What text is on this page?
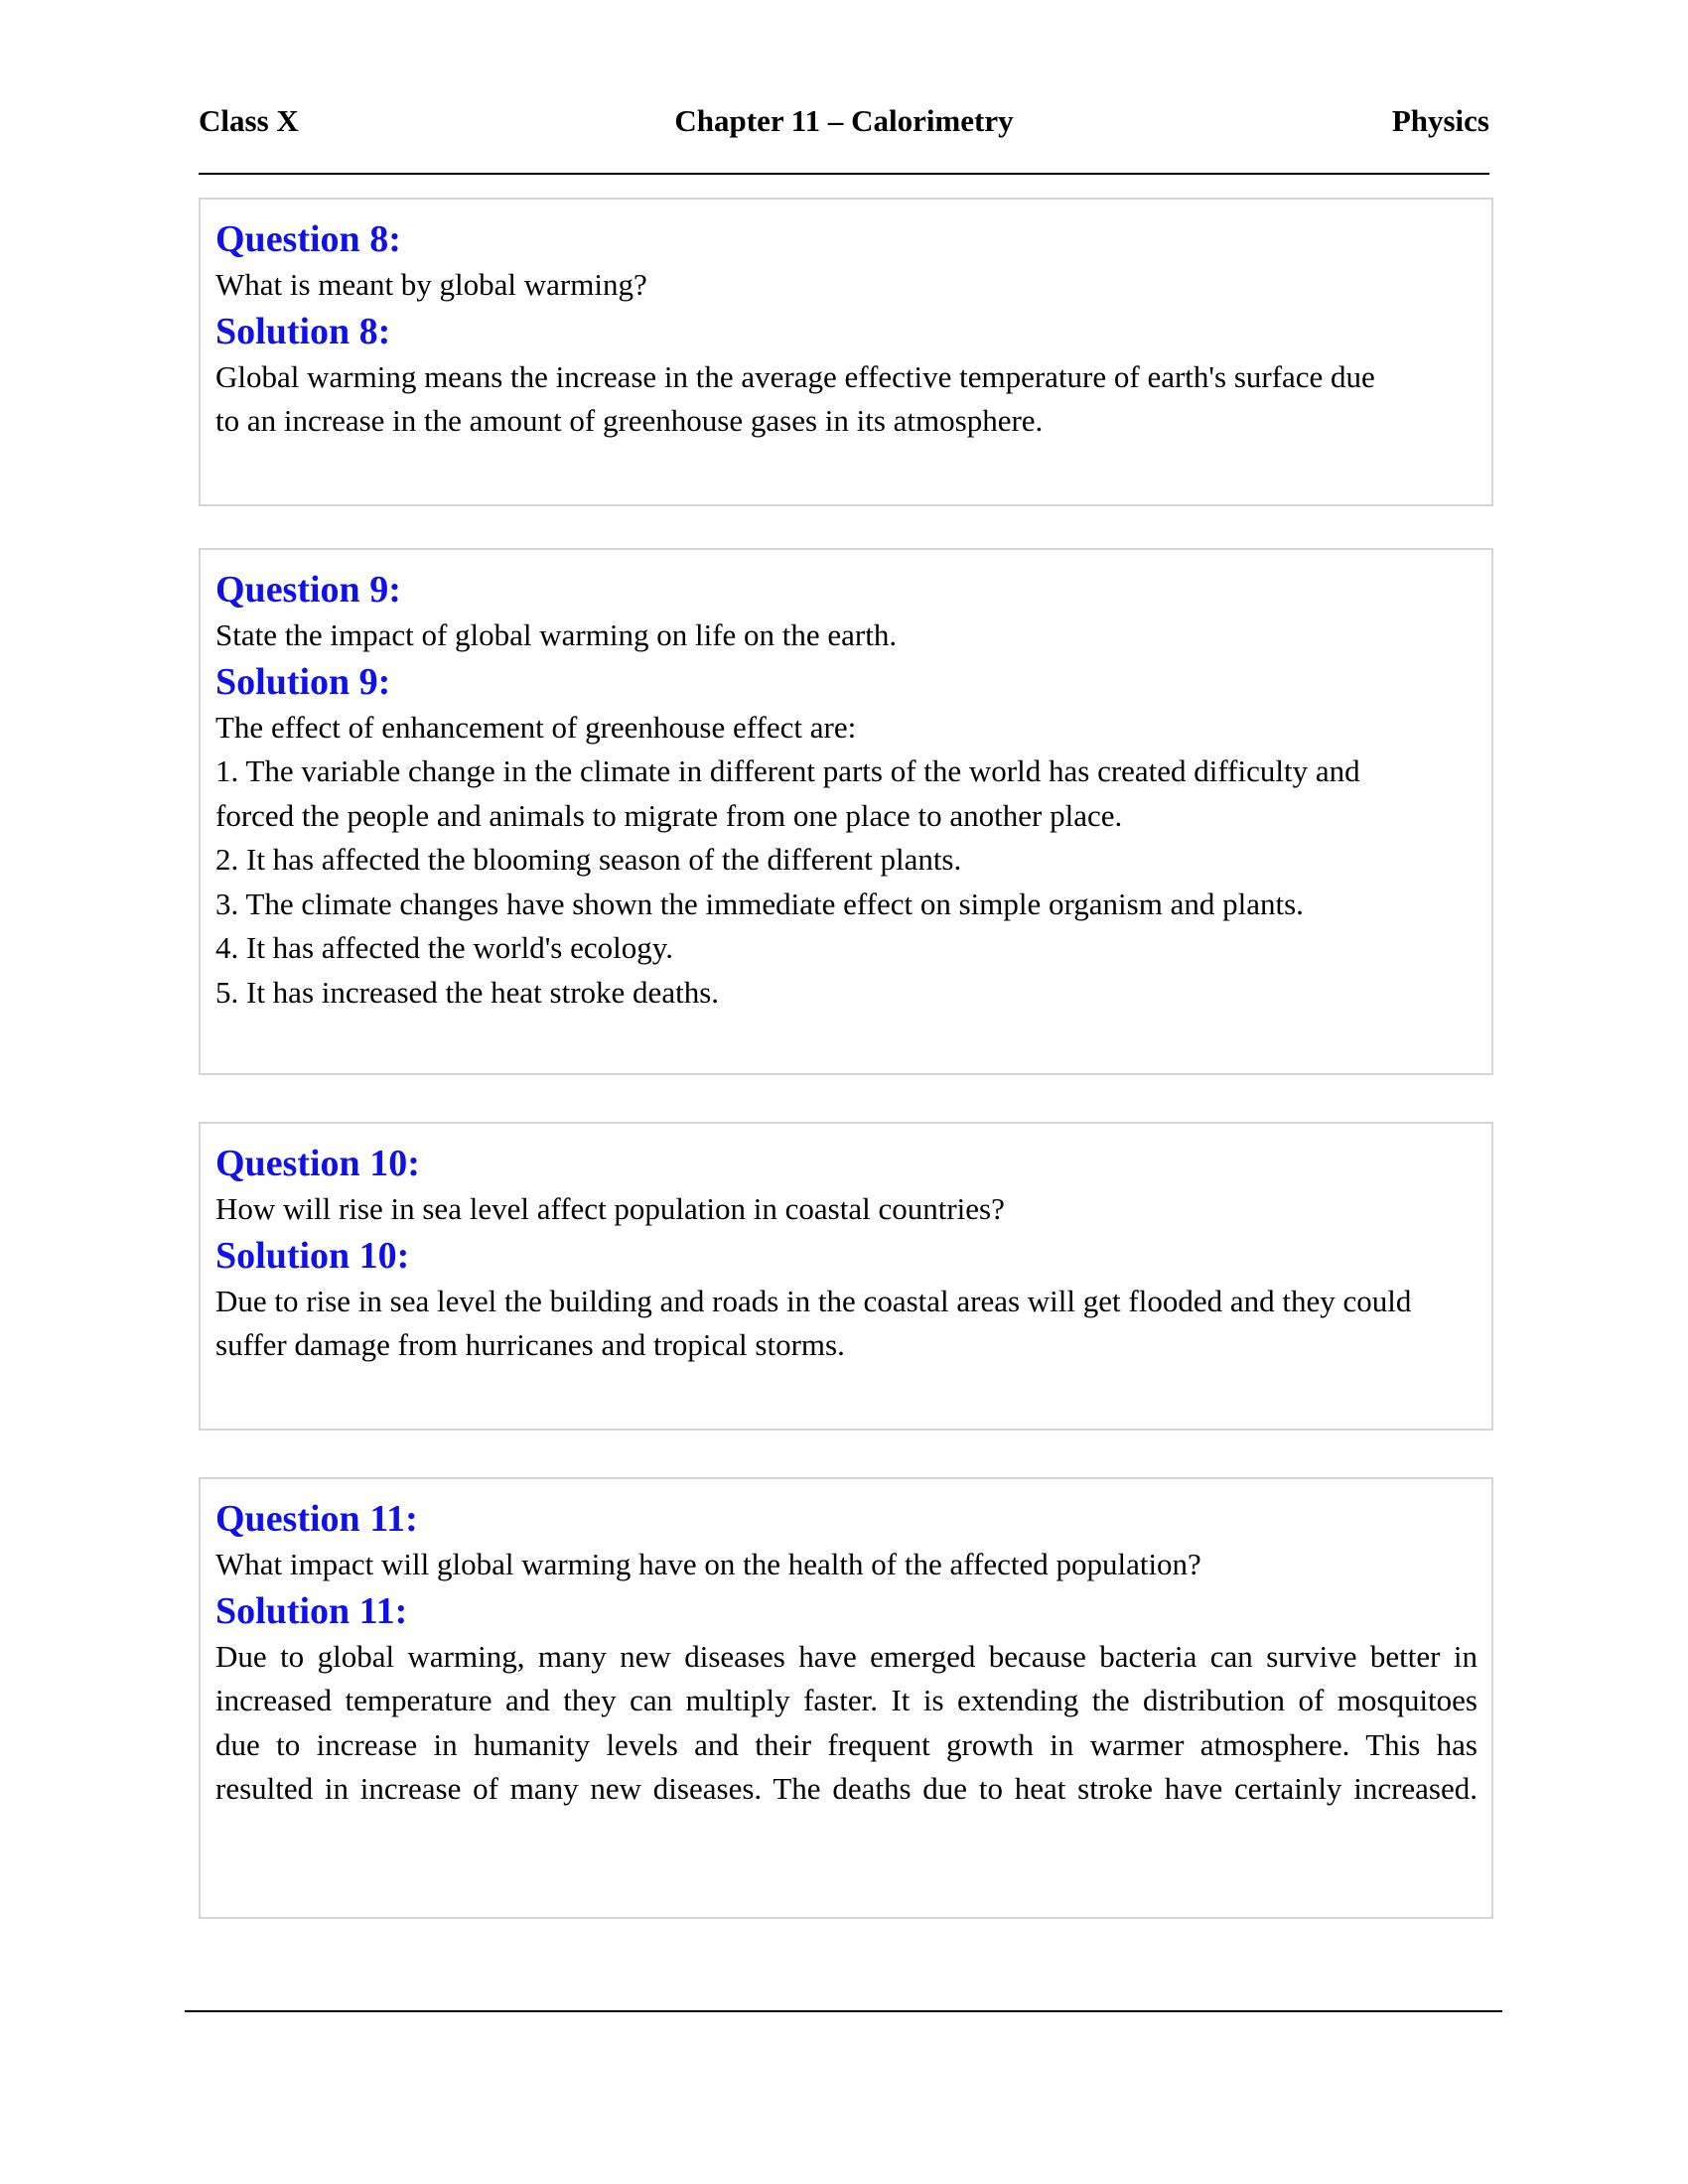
Class X	Chapter 11 – Calorimetry	Physics
Question 8:
What is meant by global warming?
Solution 8:

Global warming means the increase in the average effective temperature of earth's surface due

to an increase in the amount of greenhouse gases in its atmosphere.

Question 9:
State the impact of global warming on life on the earth.
Solution 9:

The effect of enhancement of greenhouse effect are:

1. The variable change in the climate in different parts of the world has created difficulty and

forced the people and animals to migrate from one place to another place.

2. It has affected the blooming season of the different plants.

3. The climate changes have shown the immediate effect on simple organism and plants.

4. It has affected the world's ecology.

5. It has increased the heat stroke deaths.

Question 10:
How will rise in sea level affect population in coastal countries?
Solution 10:

Due to rise in sea level the building and roads in the coastal areas will get flooded and they could

suffer damage from hurricanes and tropical storms.

Question 11:
What impact will global warming have on the health of the affected population?
Solution 11:

Due to global warming, many new diseases have emerged because bacteria can survive better in

increased temperature and they can multiply faster. It is extending the distribution of mosquitoes

due to increase in humanity levels and their frequent growth in warmer atmosphere. This has

resulted in increase of many new diseases. The deaths due to heat stroke have certainly increased.
